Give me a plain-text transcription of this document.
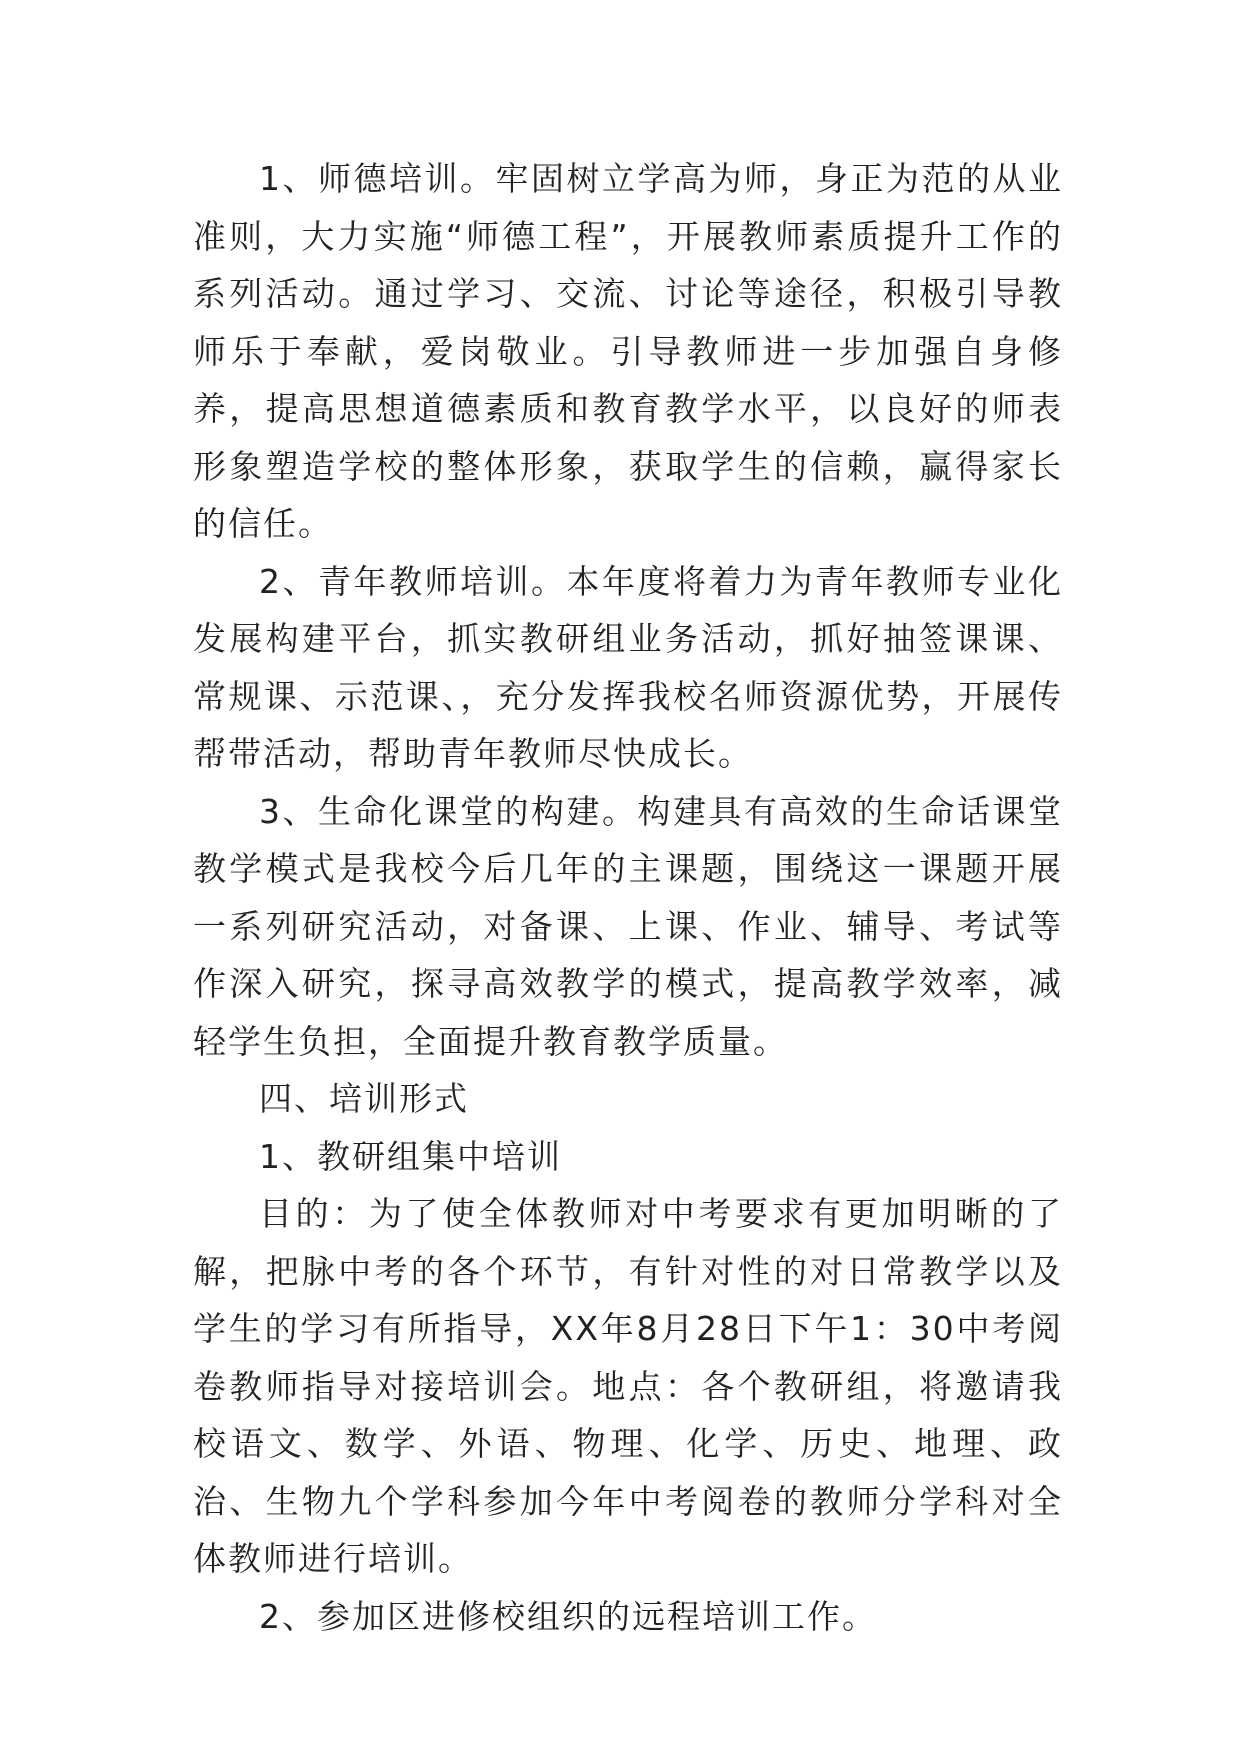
1、师德培训。牢固树立学高为师，身正为范的从业准则，大力实施“师德工程”，开展教师素质提升工作的系列活动。通过学习、交流、讨论等途径，积极引导教师乐于奉献，爱岗敬业。引导教师进一步加强自身修养，提高思想道德素质和教育教学水平，以良好的师表形象塑造学校的整体形象，获取学生的信赖，赢得家长的信任。

2、青年教师培训。本年度将着力为青年教师专业化发展构建平台，抓实教研组业务活动，抓好抽签课课、常规课、示范课、，充分发挥我校名师资源优势，开展传帮带活动，帮助青年教师尽快成长。

3、生命化课堂的构建。构建具有高效的生命话课堂教学模式是我校今后几年的主课题，围绕这一课题开展一系列研究活动，对备课、上课、作业、辅导、考试等作深入研究，探寻高效教学的模式，提高教学效率，减轻学生负担，全面提升教育教学质量。

四、培训形式

1、教研组集中培训

目的：为了使全体教师对中考要求有更加明晰的了解，把脉中考的各个环节，有针对性的对日常教学以及学生的学习有所指导，XX年8月28日下午1：30中考阅卷教师指导对接培训会。地点：各个教研组，将邀请我校语文、数学、外语、物理、化学、历史、地理、政治、生物九个学科参加今年中考阅卷的教师分学科对全体教师进行培训。

2、参加区进修校组织的远程培训工作。
